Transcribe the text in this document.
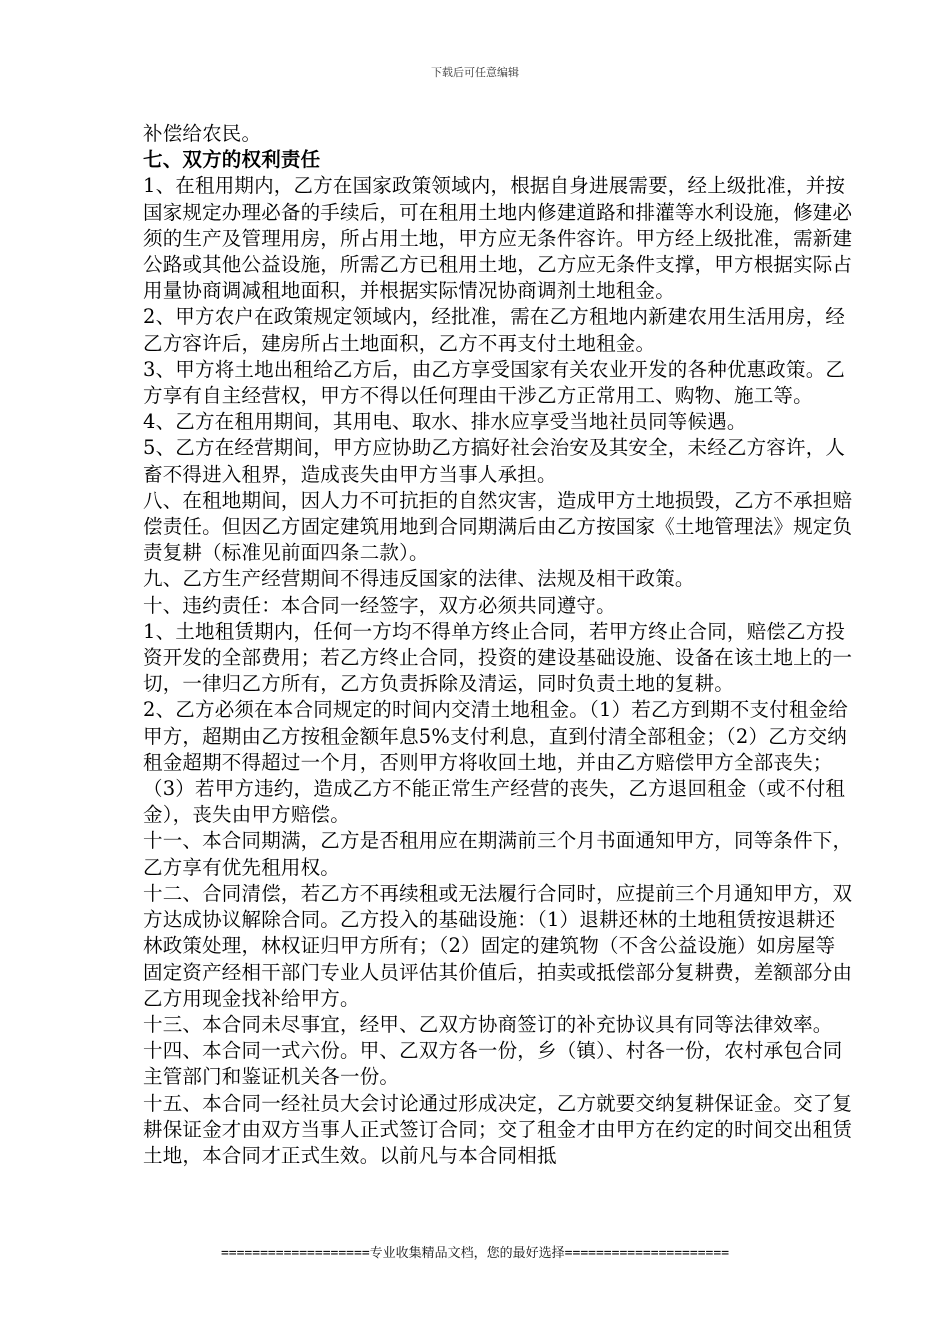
下载后可任意编辑

补偿给农民。

七、双方的权利责任

1、在租用期内，乙方在国家政策领域内，根据自身进展需要，经上级批准，并按国家规定办理必备的手续后，可在租用土地内修建道路和排灌等水利设施，修建必须的生产及管理用房，所占用土地，甲方应无条件容许。甲方经上级批准，需新建公路或其他公益设施，所需乙方已租用土地，乙方应无条件支撑，甲方根据实际占用量协商调减租地面积，并根据实际情况协商调剂土地租金。

2、甲方农户在政策规定领域内，经批准，需在乙方租地内新建农用生活用房，经乙方容许后，建房所占土地面积，乙方不再支付土地租金。

3、甲方将土地出租给乙方后，由乙方享受国家有关农业开发的各种优惠政策。乙方享有自主经营权，甲方不得以任何理由干涉乙方正常用工、购物、施工等。

4、乙方在租用期间，其用电、取水、排水应享受当地社员同等候遇。

5、乙方在经营期间，甲方应协助乙方搞好社会治安及其安全，未经乙方容许，人畜不得进入租界，造成丧失由甲方当事人承担。

八、在租地期间，因人力不可抗拒的自然灾害，造成甲方土地损毁，乙方不承担赔偿责任。但因乙方固定建筑用地到合同期满后由乙方按国家《土地管理法》规定负责复耕（标准见前面四条二款）。

九、乙方生产经营期间不得违反国家的法律、法规及相干政策。

十、违约责任：本合同一经签字，双方必须共同遵守。

1、土地租赁期内，任何一方均不得单方终止合同，若甲方终止合同，赔偿乙方投资开发的全部费用；若乙方终止合同，投资的建设基础设施、设备在该土地上的一切，一律归乙方所有，乙方负责拆除及清运，同时负责土地的复耕。

2、乙方必须在本合同规定的时间内交清土地租金。（1）若乙方到期不支付租金给甲方，超期由乙方按租金额年息5%支付利息，直到付清全部租金；（2）乙方交纳租金超期不得超过一个月，否则甲方将收回土地，并由乙方赔偿甲方全部丧失；（3）若甲方违约，造成乙方不能正常生产经营的丧失，乙方退回租金（或不付租金），丧失由甲方赔偿。

十一、本合同期满，乙方是否租用应在期满前三个月书面通知甲方，同等条件下，乙方享有优先租用权。

十二、合同清偿，若乙方不再续租或无法履行合同时，应提前三个月通知甲方，双方达成协议解除合同。乙方投入的基础设施：（1）退耕还林的土地租赁按退耕还林政策处理，林权证归甲方所有；（2）固定的建筑物（不含公益设施）如房屋等固定资产经相干部门专业人员评估其价值后，拍卖或抵偿部分复耕费，差额部分由乙方用现金找补给甲方。

十三、本合同未尽事宜，经甲、乙双方协商签订的补充协议具有同等法律效率。

十四、本合同一式六份。甲、乙双方各一份，乡（镇）、村各一份，农村承包合同主管部门和鉴证机关各一份。

十五、本合同一经社员大会讨论通过形成决定，乙方就要交纳复耕保证金。交了复耕保证金才由双方当事人正式签订合同；交了租金才由甲方在约定的时间交出租赁土地，本合同才正式生效。以前凡与本合同相抵

===================专业收集精品文档，您的最好选择=====================
